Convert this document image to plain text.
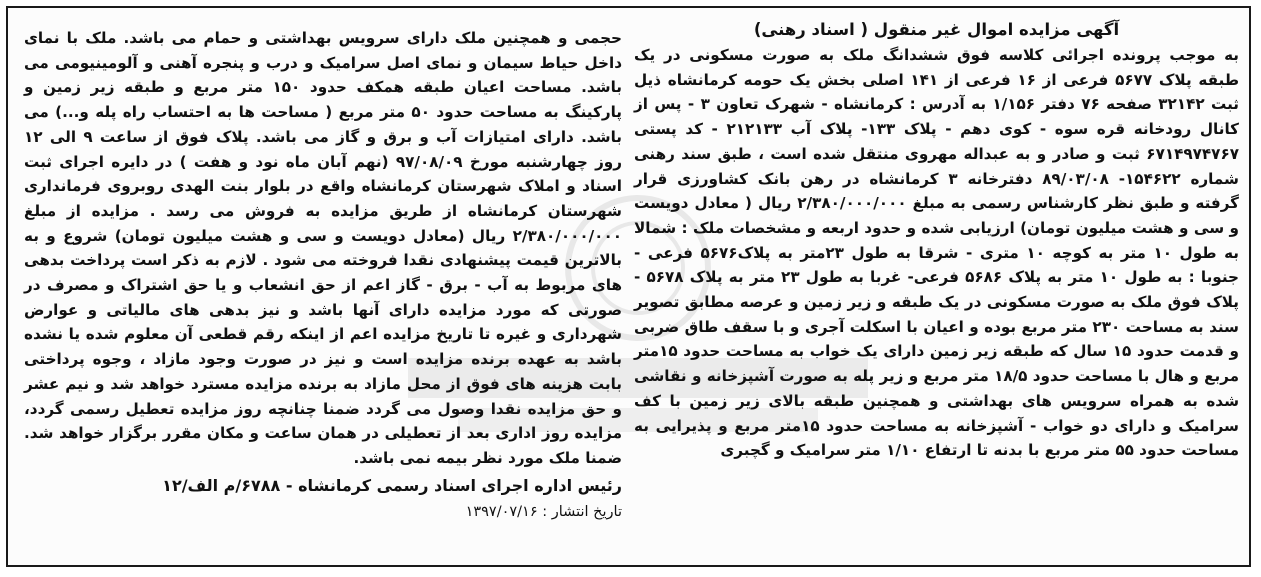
آگهی مزایده اموال غیر منقول ( اسناد رهنی)
به موجب پرونده اجرائی کلاسه فوق ششدانگ ملک به صورت مسکونی در یک طبقه پلاک ۵۶۷۷ فرعی از ۱۶ فرعی از ۱۴۱ اصلی بخش یک حومه کرمانشاه ذیل ثبت ۳۲۱۴۲ صفحه ۷۶ دفتر ۱/۱۵۶ به آدرس : کرمانشاه - شهرک تعاون ۳ - پس از کانال رودخانه قره سوه - کوی دهم - پلاک ۱۳۳- پلاک آب ۲۱۲۱۳۳ - کد پستی ۶۷۱۴۹۷۴۷۶۷ ثبت و صادر و به عبداله مهروی منتقل شده است ، طبق سند رهنی شماره ۱۵۴۶۲۲- ۸۹/۰۳/۰۸ دفترخانه ۳ کرمانشاه در رهن بانک کشاورزی قرار گرفته و طبق نظر کارشناس رسمی به مبلغ ۲/۳۸۰/۰۰۰/۰۰۰ ریال ( معادل دویست و سی و هشت میلیون تومان) ارزیابی شده و حدود اربعه و مشخصات ملک : شمالا به طول ۱۰ متر به کوچه ۱۰ متری - شرقا به طول ۲۳متر به پلاک۵۶۷۶ فرعی - جنوبا : به طول ۱۰ متر به پلاک ۵۶۸۶ فرعی- غربا به طول ۲۳ متر به پلاک ۵۶۷۸ - پلاک فوق ملک به صورت مسکونی در یک طبقه و زیر زمین و عرصه مطابق تصویر سند به مساحت ۲۳۰ متر مربع بوده و اعیان با اسکلت آجری و با سقف طاق ضربی و قدمت حدود ۱۵ سال که طبقه زیر زمین دارای یک خواب به مساحت حدود ۱۵متر مربع و هال با مساحت حدود ۱۸/۵ متر مربع و زیر پله به صورت آشپزخانه و نقاشی شده به همراه سرویس های بهداشتی و همچنین طبقه بالای زیر زمین با کف سرامیک و دارای دو خواب - آشپزخانه به مساحت حدود ۱۵متر مربع و پذیرایی به مساحت حدود ۵۵ متر مربع با بدنه تا ارتفاع ۱/۱۰ متر سرامیک و گچبری
حجمی و همچنین ملک دارای سرویس بهداشتی و حمام می باشد. ملک با نمای داخل حیاط سیمان و نمای اصل سرامیک و درب و پنجره آهنی و آلومینیومی می باشد. مساحت اعیان طبقه همکف حدود ۱۵۰ متر مربع و طبقه زیر زمین و پارکینگ به مساحت حدود ۵۰ متر مربع ( مساحت ها به احتساب راه پله و...) می باشد. دارای امتیازات آب و برق و گاز می باشد. پلاک فوق از ساعت ۹ الی ۱۲ روز چهارشنبه مورخ ۹۷/۰۸/۰۹ (نهم آبان ماه نود و هفت ) در دایره اجرای ثبت اسناد و املاک شهرستان کرمانشاه واقع در بلوار بنت الهدی روبروی فرمانداری شهرستان کرمانشاه از طریق مزایده به فروش می رسد . مزایده از مبلغ ۲/۳۸۰/۰۰۰/۰۰۰ ریال (معادل دویست و سی و هشت میلیون تومان) شروع و به بالاترین قیمت پیشنهادی نقدا فروخته می شود . لازم به ذکر است پرداخت بدهی های مربوط به آب - برق - گاز اعم از حق انشعاب و یا حق اشتراک و مصرف در صورتی که مورد مزایده دارای آنها باشد و نیز بدهی های مالیاتی و عوارض شهرداری و غیره تا تاریخ مزایده اعم از اینکه رقم قطعی آن معلوم شده یا نشده باشد به عهده برنده مزایده است و نیز در صورت وجود مازاد ، وجوه پرداختی بابت هزینه های فوق از محل مازاد به برنده مزایده مسترد خواهد شد و نیم عشر و حق مزایده نقدا وصول می گردد ضمنا چنانچه روز مزایده تعطیل رسمی گردد، مزایده روز اداری بعد از تعطیلی در همان ساعت و مکان مقرر برگزار خواهد شد. ضمنا ملک مورد نظر بیمه نمی باشد.
رئیس اداره اجرای اسناد رسمی کرمانشاه - ۶۷۸۸/م الف/۱۲
تاریخ انتشار : ۱۳۹۷/۰۷/۱۶
